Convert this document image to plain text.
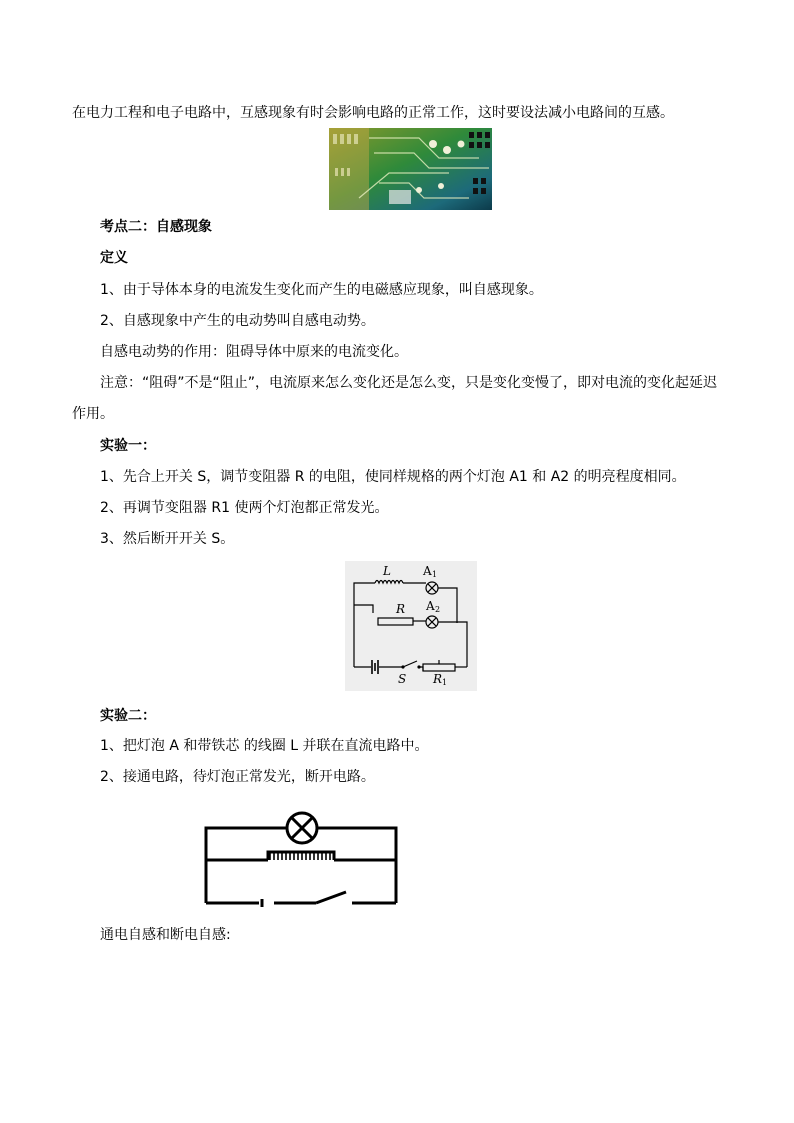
在电力工程和电子电路中，互感现象有时会影响电路的正常工作，这时要设法减小电路间的互感。

考点二：自感现象

定义

1、由于导体本身的电流发生变化而产生的电磁感应现象，叫自感现象。

2、自感现象中产生的电动势叫自感电动势。

自感电动势的作用：阻碍导体中原来的电流变化。

注意：“阻碍”不是“阻止”，电流原来怎么变化还是怎么变，只是变化变慢了，即对电流的变化起延迟作用。

实验一：

1、先合上开关 S，调节变阻器 R 的电阻，使同样规格的两个灯泡 A1 和 A2 的明亮程度相同。

2、再调节变阻器 R1 使两个灯泡都正常发光。

3、然后断开开关 S。

L	A 1
R A 2
S R 1

实验二：

1、把灯泡 A 和带铁芯 的线圈 L 并联在直流电路中。

2、接通电路，待灯泡正常发光，断开电路。

通电自感和断电自感:
